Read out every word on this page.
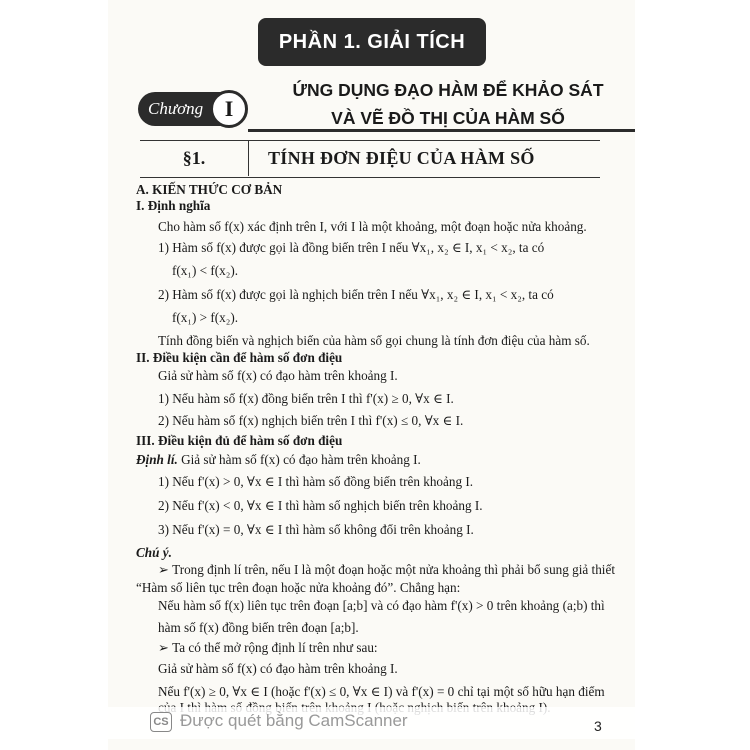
PHẦN 1. GIẢI TÍCH
Chương I
ỨNG DỤNG ĐẠO HÀM ĐỂ KHẢO SÁT
VÀ VẼ ĐỒ THỊ CỦA HÀM SỐ
§1.	TÍNH ĐƠN ĐIỆU CỦA HÀM SỐ
A. KIẾN THỨC CƠ BẢN
I. Định nghĩa
Cho hàm số f(x) xác định trên I, với I là một khoảng, một đoạn hoặc nửa khoảng.
1) Hàm số f(x) được gọi là đồng biến trên I nếu ∀x₁, x₂ ∈ I, x₁ < x₂, ta có
f(x₁) < f(x₂).
2) Hàm số f(x) được gọi là nghịch biến trên I nếu ∀x₁, x₂ ∈ I, x₁ < x₂, ta có
f(x₁) > f(x₂).
Tính đồng biến và nghịch biến của hàm số gọi chung là tính đơn điệu của hàm số.
II. Điều kiện cần để hàm số đơn điệu
Giả sử hàm số f(x) có đạo hàm trên khoảng I.
1) Nếu hàm số f(x) đồng biến trên I thì f'(x) ≥ 0, ∀x ∈ I.
2) Nếu hàm số f(x) nghịch biến trên I thì f'(x) ≤ 0, ∀x ∈ I.
III. Điều kiện đủ để hàm số đơn điệu
Định lí. Giả sử hàm số f(x) có đạo hàm trên khoảng I.
1) Nếu f'(x) > 0, ∀x ∈ I thì hàm số đồng biến trên khoảng I.
2) Nếu f'(x) < 0, ∀x ∈ I thì hàm số nghịch biến trên khoảng I.
3) Nếu f'(x) = 0, ∀x ∈ I thì hàm số không đổi trên khoảng I.
Chú ý.
➢ Trong định lí trên, nếu I là một đoạn hoặc một nửa khoảng thì phải bổ sung giả thiết
“Hàm số liên tục trên đoạn hoặc nửa khoảng đó”. Chẳng hạn:
Nếu hàm số f(x) liên tục trên đoạn [a;b] và có đạo hàm f'(x) > 0 trên khoảng (a;b) thì
hàm số f(x) đồng biến trên đoạn [a;b].
➢ Ta có thể mở rộng định lí trên như sau:
Giả sử hàm số f(x) có đạo hàm trên khoảng I.
Nếu f'(x) ≥ 0, ∀x ∈ I (hoặc f'(x) ≤ 0, ∀x ∈ I) và f'(x) = 0 chỉ tại một số hữu hạn điểm
CS Được quét bằng CamScanner	3
